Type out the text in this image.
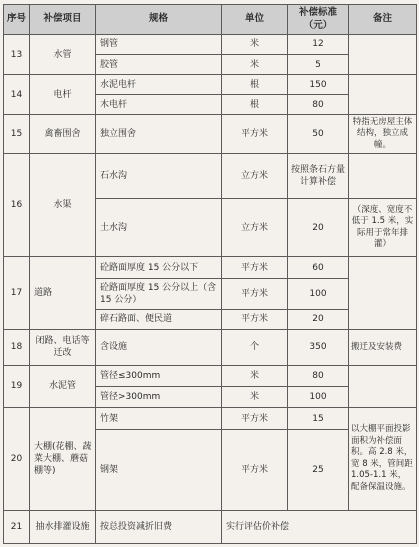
序号	补偿项目	规格	单位	补偿标准（元）	备注
13	水管	钢管	米	12	
		胶管	米	5	
14	电杆	水泥电杆	根	150	
		木电杆	根	80	
15	禽畜围舍	独立围舍	平方米	50	特指无房屋主体结构，独立成幢。
16	水渠	石水沟	立方米	按照条石方量计算补偿	
		土水沟	立方米	20	（深度、宽度不低于 1.5 米，实际用于常年排灌）
17	道路	砼路面厚度 15 公分以下	平方米	60	
		砼路面厚度 15 公分以上（含 15 公分）	平方米	100	
		碎石路面、便民道	平方米	20	
18	闭路、电话等迁改	含设施	个	350	搬迁及安装费
19	水泥管	管径≤300mm	米	80	
		管径>300mm	米	100	
20	大棚(花棚、蔬菜大棚、蘑菇棚等)	竹架	平方米	15	以大棚平面投影面积为补偿面积。高 2.8 米，宽 8 米，管间距 1.05-1.1 米，配备保温设施。
		钢架	平方米	25	
21	抽水排灌设施	按总投资减折旧费	实行评估价补偿		
